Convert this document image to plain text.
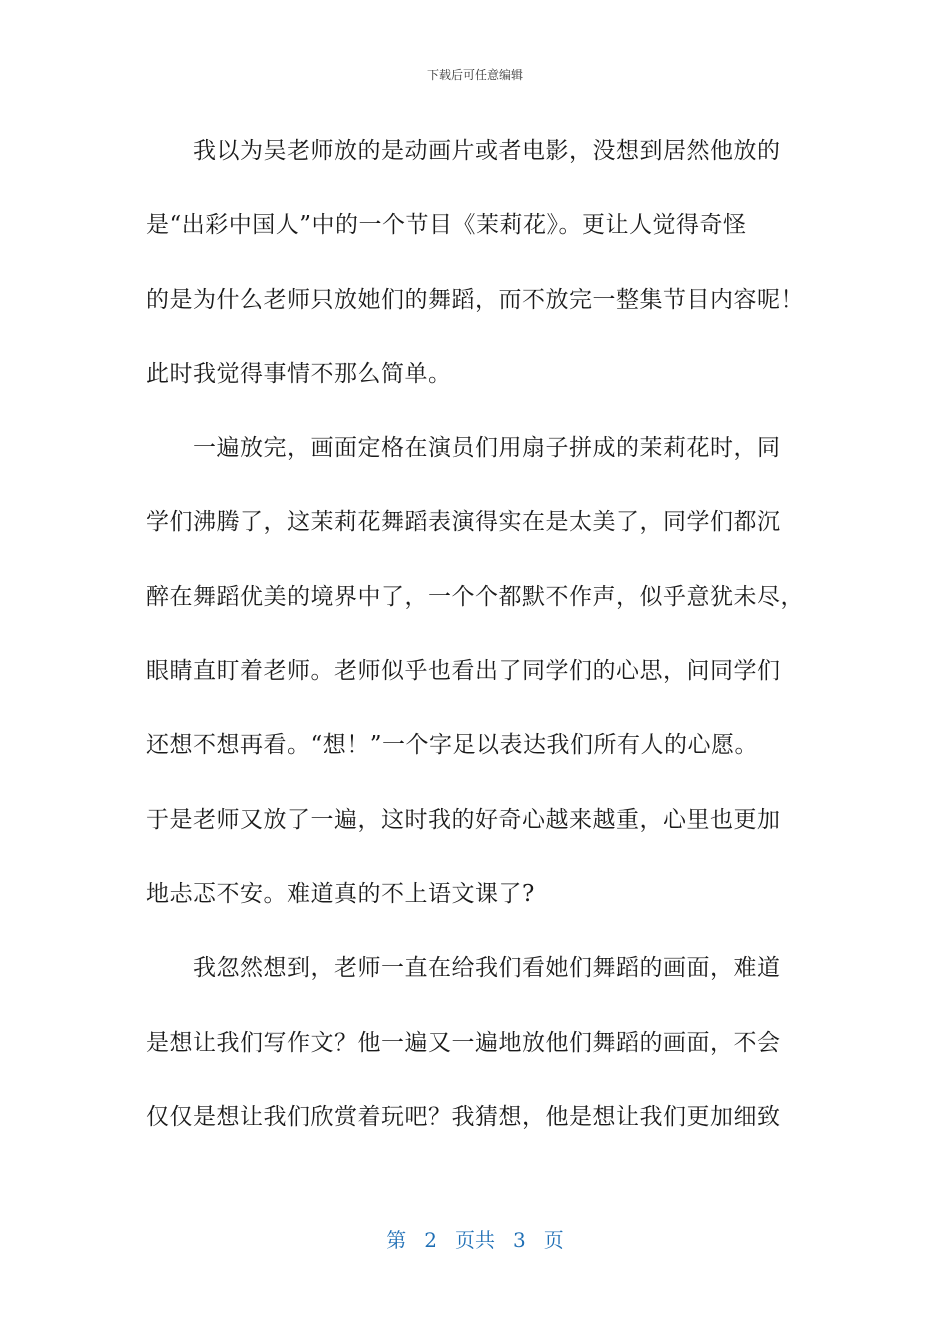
下载后可任意编辑

我以为吴老师放的是动画片或者电影，没想到居然他放的

是“出彩中国人”中的一个节目《茉莉花》。更让人觉得奇怪

的是为什么老师只放她们的舞蹈，而不放完一整集节目内容呢！

此时我觉得事情不那么简单。

一遍放完，画面定格在演员们用扇子拼成的茉莉花时，同

学们沸腾了，这茉莉花舞蹈表演得实在是太美了，同学们都沉

醉在舞蹈优美的境界中了，一个个都默不作声，似乎意犹未尽，

眼睛直盯着老师。老师似乎也看出了同学们的心思，问同学们

还想不想再看。“想！”一个字足以表达我们所有人的心愿。

于是老师又放了一遍，这时我的好奇心越来越重，心里也更加

地忐忑不安。难道真的不上语文课了?

我忽然想到，老师一直在给我们看她们舞蹈的画面，难道

是想让我们写作文？他一遍又一遍地放他们舞蹈的画面，不会

仅仅是想让我们欣赏着玩吧？我猜想，他是想让我们更加细致

第 2 页共 3 页
